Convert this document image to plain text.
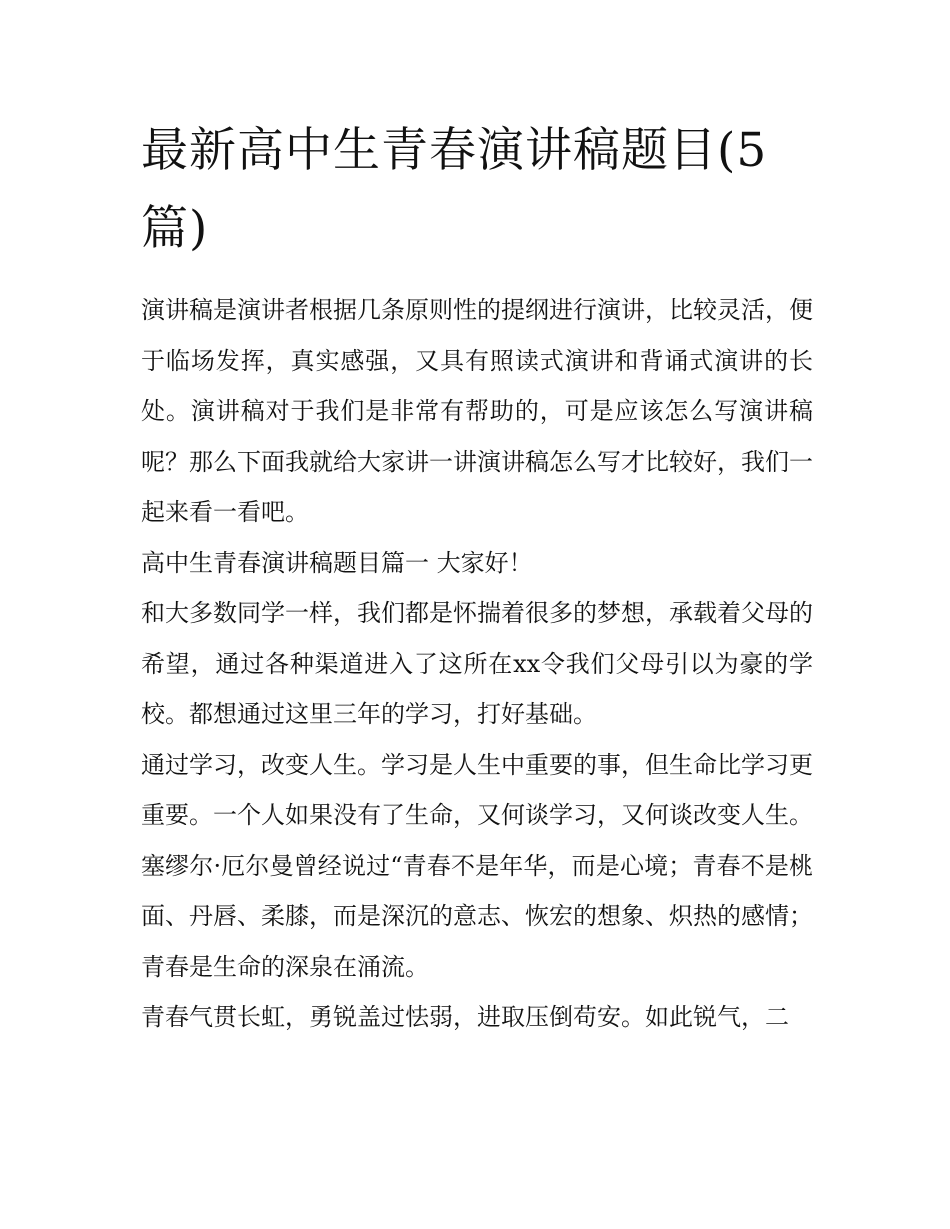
最新高中生青春演讲稿题目(5篇)

演讲稿是演讲者根据几条原则性的提纲进行演讲，比较灵活，便于临场发挥，真实感强，又具有照读式演讲和背诵式演讲的长处。演讲稿对于我们是非常有帮助的，可是应该怎么写演讲稿呢？那么下面我就给大家讲一讲演讲稿怎么写才比较好，我们一起来看一看吧。

高中生青春演讲稿题目篇一 大家好！

和大多数同学一样，我们都是怀揣着很多的梦想，承载着父母的希望，通过各种渠道进入了这所在xx令我们父母引以为豪的学校。都想通过这里三年的学习，打好基础。

通过学习，改变人生。学习是人生中重要的事，但生命比学习更重要。一个人如果没有了生命，又何谈学习，又何谈改变人生。

塞缪尔·厄尔曼曾经说过“青春不是年华，而是心境；青春不是桃面、丹唇、柔膝，而是深沉的意志、恢宏的想象、炽热的感情；青春是生命的深泉在涌流。

青春气贯长虹，勇锐盖过怯弱，进取压倒苟安。如此锐气，二
